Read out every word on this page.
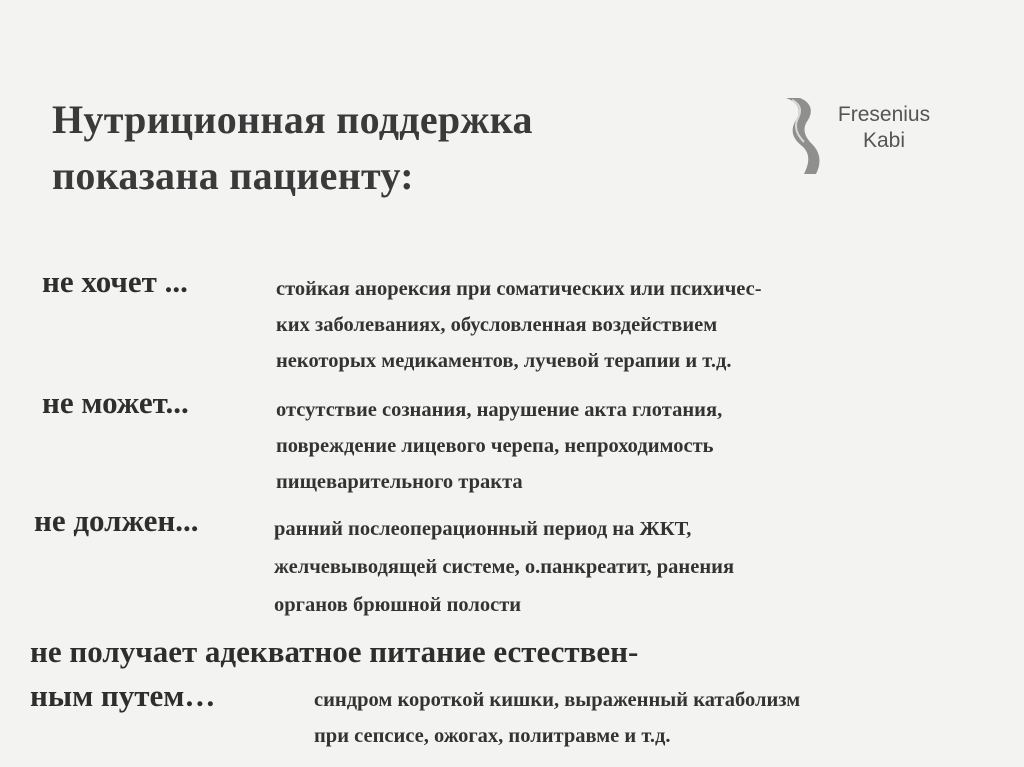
Нутриционная поддержка
показана пациенту:
Fresenius
Kabi
не хочет ...	стойкая анорексия при соматических или психичес-
ких заболеваниях, обусловленная воздействием
некоторых медикаментов, лучевой терапии и т.д.
не может...	отсутствие сознания, нарушение акта глотания,
повреждение лицевого черепа, непроходимость
пищеварительного тракта
не должен...	ранний послеоперационный период на ЖКТ,
желчевыводящей системе, о.панкреатит, ранения
органов брюшной полости
не получает адекватное питание естествен-
ным путем…	синдром короткой кишки, выраженный катаболизм
при сепсисе, ожогах, политравме и т.д.
